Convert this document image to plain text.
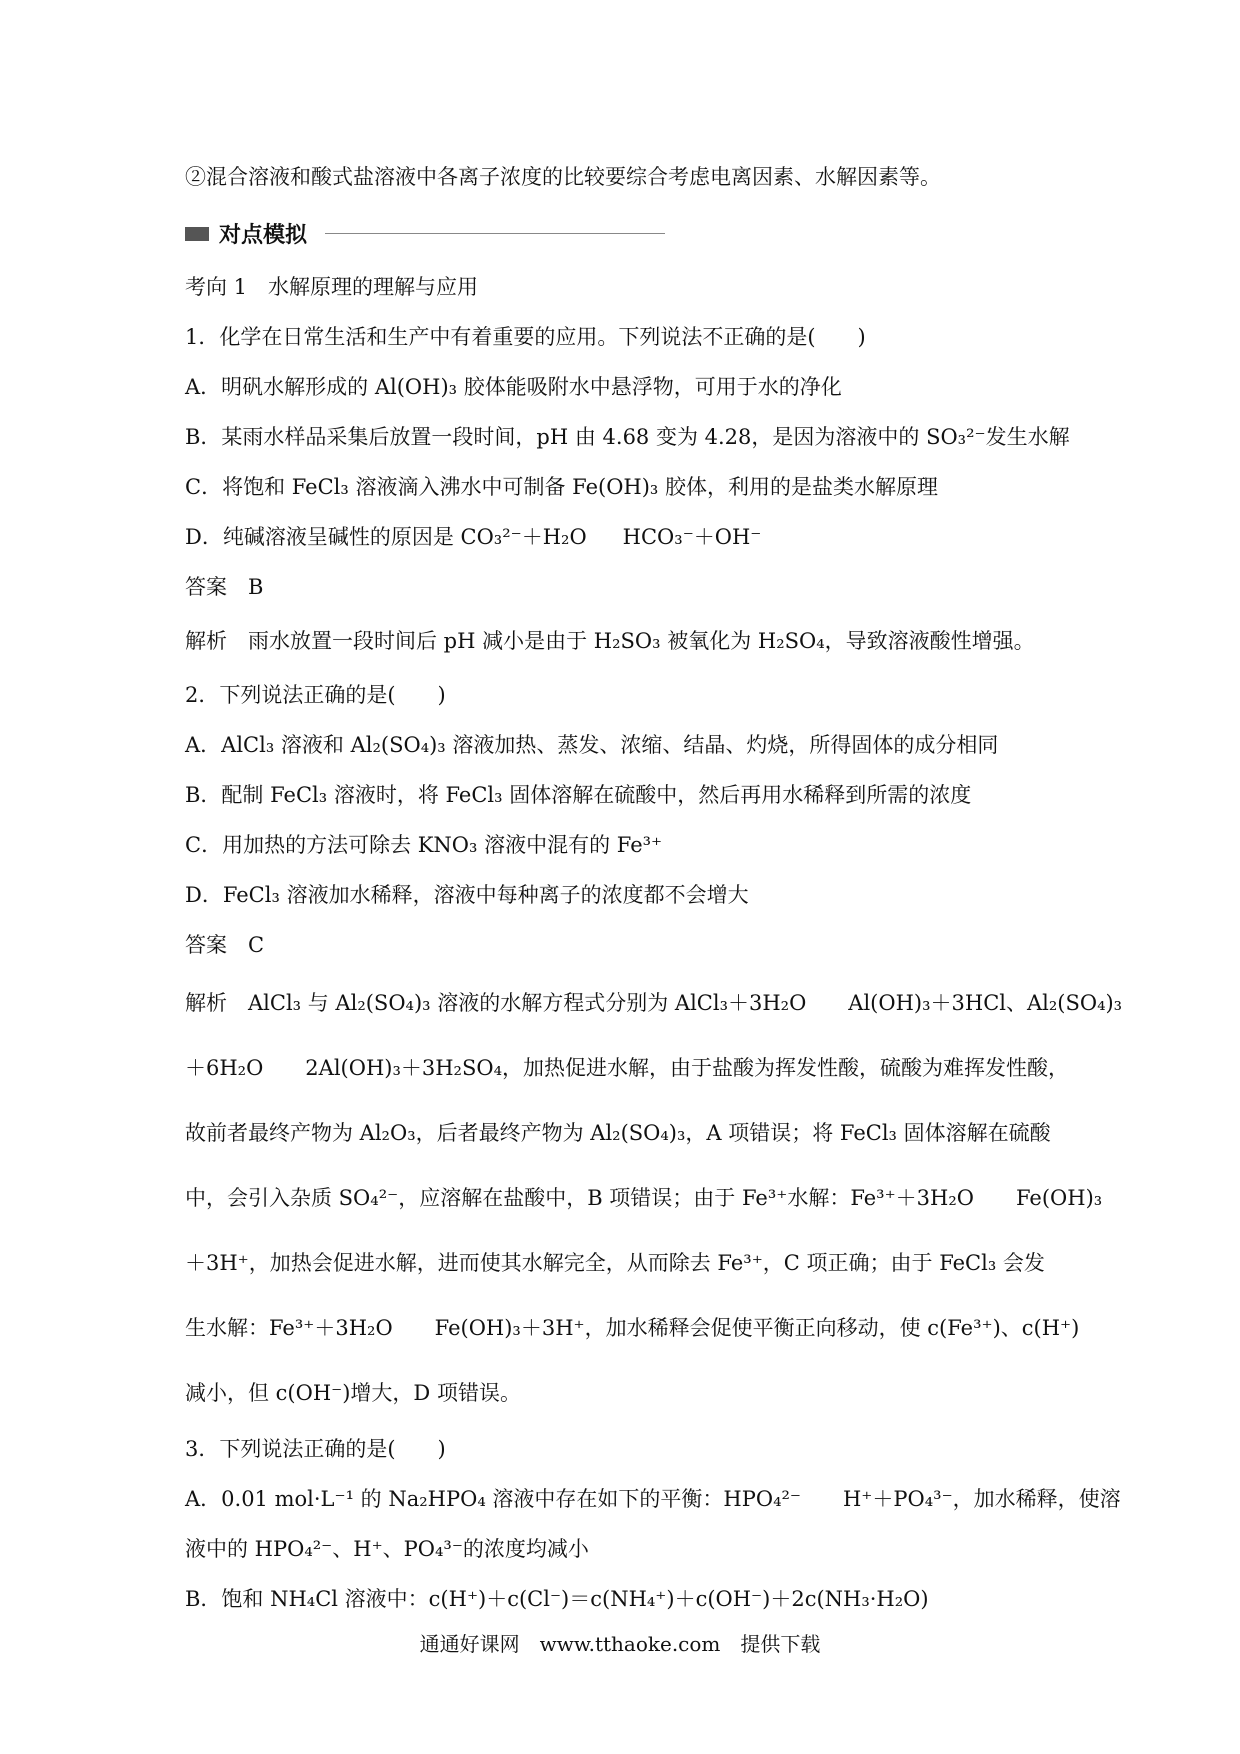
②混合溶液和酸式盐溶液中各离子浓度的比较要综合考虑电离因素、水解因素等。
对点模拟
考向 1　水解原理的理解与应用
1．化学在日常生活和生产中有着重要的应用。下列说法不正确的是(　　)
A．明矾水解形成的 Al(OH)₃ 胶体能吸附水中悬浮物，可用于水的净化
B．某雨水样品采集后放置一段时间，pH 由 4.68 变为 4.28，是因为溶液中的 SO₃²⁻发生水解
C．将饱和 FeCl₃ 溶液滴入沸水中可制备 Fe(OH)₃ 胶体，利用的是盐类水解原理
D．纯碱溶液呈碱性的原因是 CO₃²⁻＋H₂O HCO₃⁻＋OH⁻
答案　B
解析　雨水放置一段时间后 pH 减小是由于 H₂SO₃ 被氧化为 H₂SO₄，导致溶液酸性增强。
2．下列说法正确的是(　　)
A．AlCl₃ 溶液和 Al₂(SO₄)₃ 溶液加热、蒸发、浓缩、结晶、灼烧，所得固体的成分相同
B．配制 FeCl₃ 溶液时，将 FeCl₃ 固体溶解在硫酸中，然后再用水稀释到所需的浓度
C．用加热的方法可除去 KNO₃ 溶液中混有的 Fe³⁺
D．FeCl₃ 溶液加水稀释，溶液中每种离子的浓度都不会增大
答案　C
解析　AlCl₃ 与 Al₂(SO₄)₃ 溶液的水解方程式分别为 AlCl₃＋3H₂O　　Al(OH)₃＋3HCl、Al₂(SO₄)₃
＋6H₂O　　2Al(OH)₃＋3H₂SO₄，加热促进水解，由于盐酸为挥发性酸，硫酸为难挥发性酸，
故前者最终产物为 Al₂O₃，后者最终产物为 Al₂(SO₄)₃，A 项错误；将 FeCl₃ 固体溶解在硫酸
中，会引入杂质 SO₄²⁻，应溶解在盐酸中，B 项错误；由于 Fe³⁺水解：Fe³⁺＋3H₂O　　Fe(OH)₃
＋3H⁺，加热会促进水解，进而使其水解完全，从而除去 Fe³⁺，C 项正确；由于 FeCl₃ 会发
生水解：Fe³⁺＋3H₂O　　Fe(OH)₃＋3H⁺，加水稀释会促使平衡正向移动，使 c(Fe³⁺)、c(H⁺)
减小，但 c(OH⁻)增大，D 项错误。
3．下列说法正确的是(　　)
A．0.01 mol·L⁻¹ 的 Na₂HPO₄ 溶液中存在如下的平衡：HPO₄²⁻　　H⁺＋PO₄³⁻，加水稀释，使溶
液中的 HPO₄²⁻、H⁺、PO₄³⁻的浓度均减小
B．饱和 NH₄Cl 溶液中：c(H⁺)＋c(Cl⁻)＝c(NH₄⁺)＋c(OH⁻)＋2c(NH₃·H₂O)
通通好课网　www.tthaoke.com　提供下载
